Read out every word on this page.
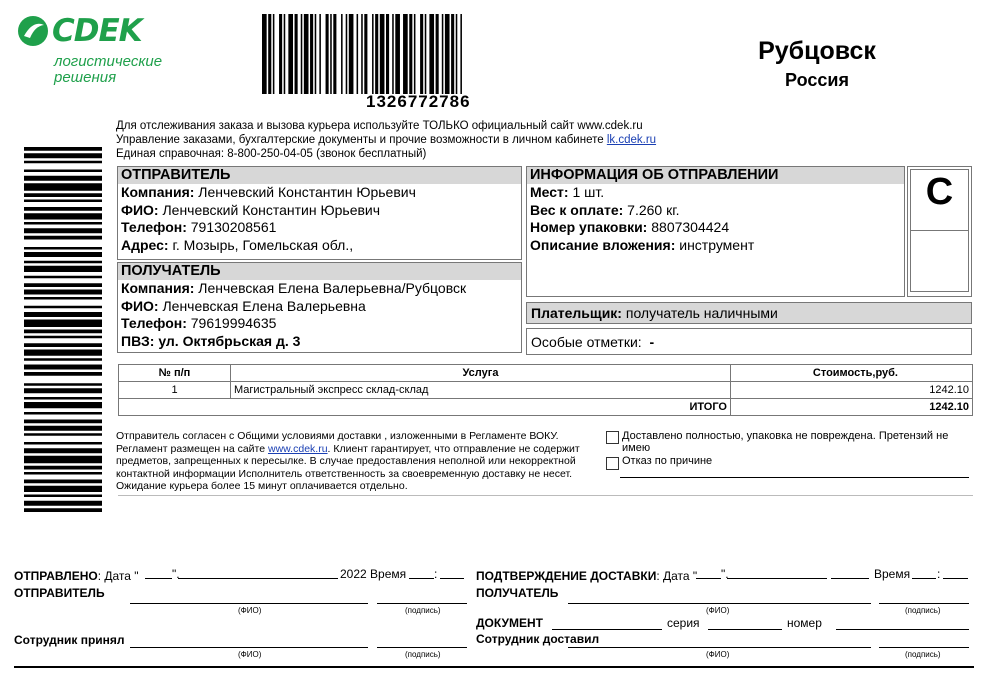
CDEK
логистические
решения
1326772786
Рубцовск
Россия
Для отслеживания заказа и вызова курьера используйте ТОЛЬКО официальный сайт www.cdek.ru
Управление заказами, бухгалтерские документы и прочие возможности в личном кабинете lk.cdek.ru
Единая справочная: 8-800-250-04-05 (звонок бесплатный)
ОТПРАВИТЕЛЬ
Компания: Ленчевский Константин Юрьевич
ФИО: Ленчевский Константин Юрьевич
Телефон: 79130208561
Адрес: г. Мозырь, Гомельская обл.,
ПОЛУЧАТЕЛЬ
Компания: Ленчевская Елена Валерьевна/Рубцовск
ФИО: Ленчевская Елена Валерьевна
Телефон: 79619994635
ПВЗ: ул. Октябрьская д. 3
ИНФОРМАЦИЯ ОБ ОТПРАВЛЕНИИ
Мест: 1 шт.
Вес к оплате: 7.260 кг.
Номер упаковки: 8807304424
Описание вложения: инструмент
С
Плательщик: получатель наличными
Особые отметки: -
№ п/п	Услуга	Стоимость,руб.
1	Магистральный экспресс склад-склад	1242.10
ИТОГО		1242.10
Отправитель согласен с Общими условиями доставки , изложенными в Регламенте ВОКУ. Регламент размещен на сайте www.cdek.ru. Клиент гарантирует, что отправление не содержит предметов, запрещенных к пересылке. В случае предоставления неполной или некорректной контактной информации Исполнитель ответственность за своевременную доставку не несет. Ожидание курьера более 15 минут оплачивается отдельно.
Доставлено полностью, упаковка не повреждена. Претензий не имею
Отказ по причине
ОТПРАВЛЕНО: Дата "	".	2022 Время :
ОТПРАВИТЕЛЬ
(ФИО)	(подпись)
Сотрудник принял
(ФИО)	(подпись)
ПОДТВЕРЖДЕНИЕ ДОСТАВКИ: Дата " ".	Время :
ПОЛУЧАТЕЛЬ
(ФИО)	(подпись)
ДОКУМЕНТ	серия	номер
Сотрудник доставил
(ФИО)	(подпись)
